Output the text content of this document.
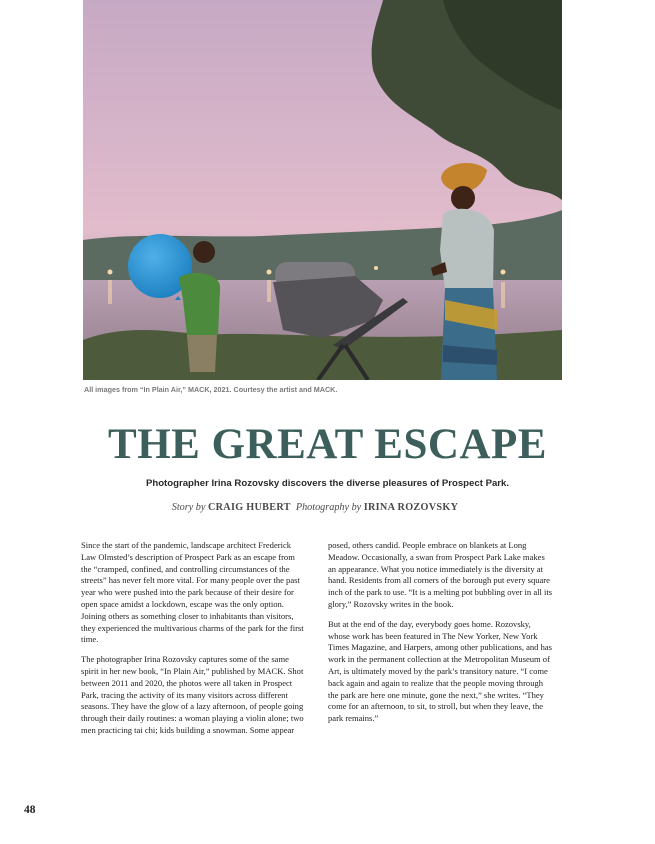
All images from “In Plain Air,” MACK, 2021. Courtesy the artist and MACK.
THE GREAT ESCAPE
Photographer Irina Rozovsky discovers the diverse pleasures of Prospect Park.
Story by CRAIG HUBERT Photography by IRINA ROZOVSKY

Since the start of the pandemic, landscape architect Frederick Law Olmsted’s description of Prospect Park as an escape from the “cramped, confined, and controlling circumstances of the streets” has never felt more vital. For many people over the past year who were pushed into the park because of their desire for open space amidst a lockdown, escape was the only option. Joining others as something closer to inhabitants than visitors, they experienced the multivarious charms of the park for the first time.

The photographer Irina Rozovsky captures some of the same spirit in her new book, “In Plain Air,” published by MACK. Shot between 2011 and 2020, the photos were all taken in Prospect Park, tracing the activity of its many visitors across different seasons. They have the glow of a lazy afternoon, of people going through their daily routines: a woman playing a violin alone; two men practicing tai chi; kids building a snowman. Some appear

posed, others candid. People embrace on blankets at Long Meadow. Occasionally, a swan from Prospect Park Lake makes an appearance. What you notice immediately is the diversity at hand. Residents from all corners of the borough put every square inch of the park to use. “It is a melting pot bubbling over in all its glory,” Rozovsky writes in the book.

But at the end of the day, everybody goes home. Rozovsky, whose work has been featured in The New Yorker, New York Times Magazine, and Harpers, among other publications, and has work in the permanent collection at the Metropolitan Museum of Art, is ultimately moved by the park’s transitory nature. “I come back again and again to realize that the people moving through the park are here one minute, gone the next,” she writes. “They come for an afternoon, to sit, to stroll, but when they leave, the park remains.”

48
